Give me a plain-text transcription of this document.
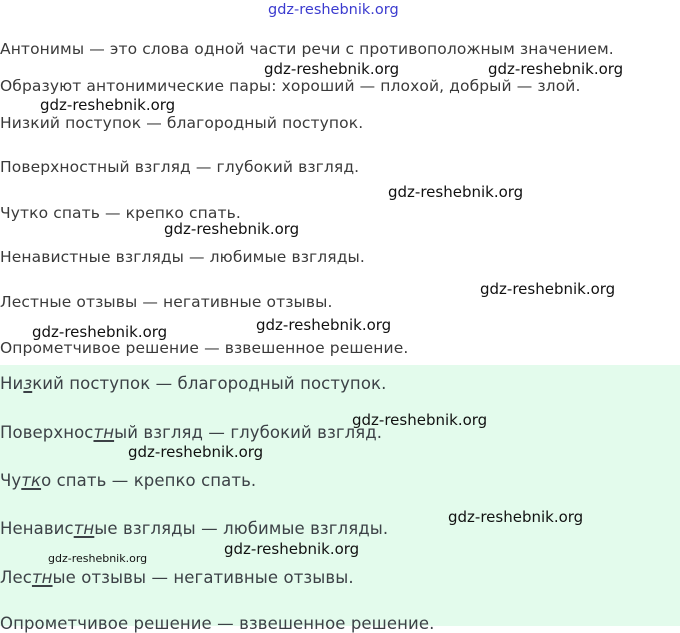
gdz-reshebnik.org
Антонимы — это слова одной части речи с противоположным значением.
Образуют антонимические пары: хороший — плохой, добрый — злой.
Низкий поступок — благородный поступок.
Поверхностный взгляд — глубокий взгляд.
Чутко спать — крепко спать.
Ненавистные взгляды — любимые взгляды.
Лестные отзывы — негативные отзывы.
Опрометчивое решение — взвешенное решение.
Низкий поступок — благородный поступок.
Поверхностный взгляд — глубокий взгляд.
Чутко спать — крепко спать.
Ненавистные взгляды — любимые взгляды.
Лестные отзывы — негативные отзывы.
Опрометчивое решение — взвешенное решение.
gdz-reshebnik.org	gdz-reshebnik.org
gdz-reshebnik.org
gdz-reshebnik.org
gdz-reshebnik.org
gdz-reshebnik.org
gdz-reshebnik.org
gdz-reshebnik.org
gdz-reshebnik.org
gdz-reshebnik.org
gdz-reshebnik.org
gdz-reshebnik.org
gdz-reshebnik.org
